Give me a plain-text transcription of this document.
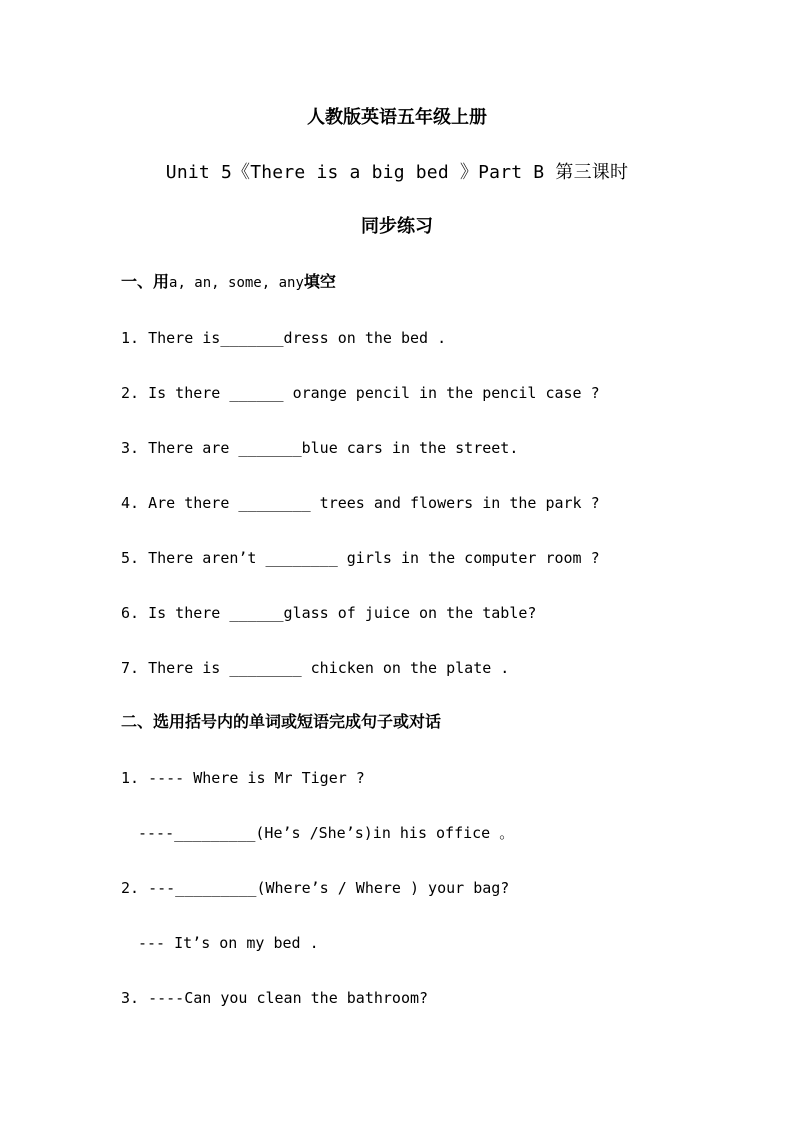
人教版英语五年级上册
Unit 5《There is a big bed 》Part B 第三课时
同步练习
一、用a, an, some, any填空
1. There is_______dress on the bed .
2. Is there ______ orange pencil in the pencil case ?
3. There are _______blue cars in the street.
4. Are there ________ trees and flowers in the park ?
5. There aren’t ________ girls in the computer room ?
6. Is there ______glass of juice on the table?
7. There is ________ chicken on the plate .
二、选用括号内的单词或短语完成句子或对话
1. ---- Where is Mr Tiger ?
----_________(He’s /She’s)in his office 。
2. ---_________(Where’s / Where ) your bag?
--- It’s on my bed .
3. ----Can you clean the bathroom?
